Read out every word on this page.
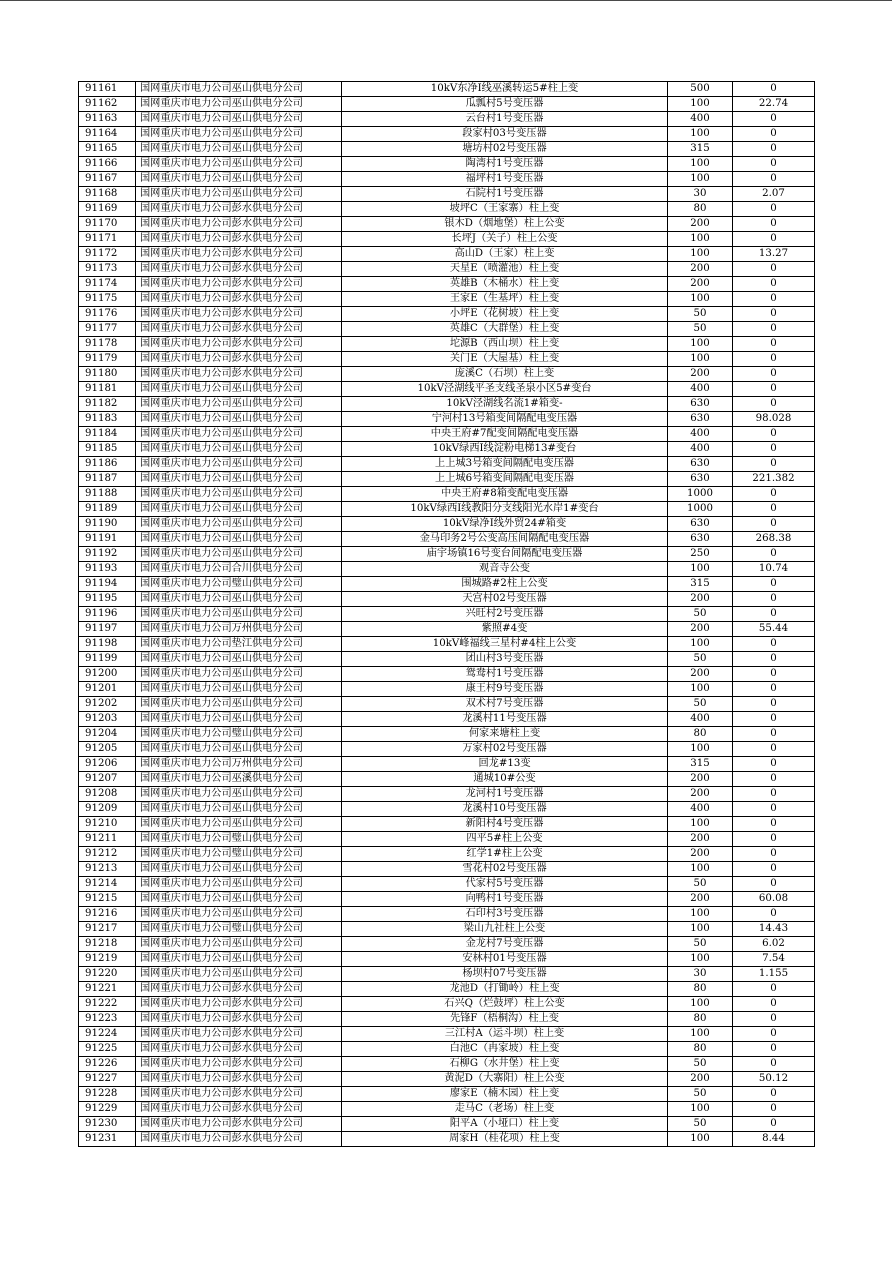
91161	国网重庆市电力公司巫山供电分公司	10kV东净I线巫溪转运5#柱上变	500	0
91162	国网重庆市电力公司巫山供电分公司	瓜瓢村5号变压器	100	22.74
91163	国网重庆市电力公司巫山供电分公司	云台村1号变压器	400	0
91164	国网重庆市电力公司巫山供电分公司	段家村03号变压器	100	0
91165	国网重庆市电力公司巫山供电分公司	塘坊村02号变压器	315	0
91166	国网重庆市电力公司巫山供电分公司	陶湾村1号变压器	100	0
91167	国网重庆市电力公司巫山供电分公司	福坪村1号变压器	100	0
91168	国网重庆市电力公司巫山供电分公司	石院村1号变压器	30	2.07
91169	国网重庆市电力公司彭水供电分公司	坡坪C（王家寨）柱上变	80	0
91170	国网重庆市电力公司彭水供电分公司	银木D（烟地堡）柱上公变	200	0
91171	国网重庆市电力公司彭水供电分公司	长坪J（关子）柱上公变	100	0
91172	国网重庆市电力公司彭水供电分公司	高山D（王家）柱上变	100	13.27
91173	国网重庆市电力公司彭水供电分公司	天星E（喷灌池）柱上变	200	0
91174	国网重庆市电力公司彭水供电分公司	英雄B（木桶水）柱上变	200	0
91175	国网重庆市电力公司彭水供电分公司	王家E（生基坪）柱上变	100	0
91176	国网重庆市电力公司彭水供电分公司	小坪E（花树坡）柱上变	50	0
91177	国网重庆市电力公司彭水供电分公司	英雄C（大群堡）柱上变	50	0
91178	国网重庆市电力公司彭水供电分公司	坨源B（西山坝）柱上变	100	0
91179	国网重庆市电力公司彭水供电分公司	关门E（大屋基）柱上变	100	0
91180	国网重庆市电力公司彭水供电分公司	庞溪C（石坝）柱上变	200	0
91181	国网重庆市电力公司巫山供电分公司	10kV泾湖线平圣支线圣泉小区5#变台	400	0
91182	国网重庆市电力公司巫山供电分公司	10kV泾湖线名流1#箱变-	630	0
91183	国网重庆市电力公司巫山供电分公司	宁河村13号箱变间隔配电变压器	630	98.028
91184	国网重庆市电力公司巫山供电分公司	中央王府#7配变间隔配电变压器	400	0
91185	国网重庆市电力公司巫山供电分公司	10kV绿西I线淀粉电梯13#变台	400	0
91186	国网重庆市电力公司巫山供电分公司	上上城3号箱变间隔配电变压器	630	0
91187	国网重庆市电力公司巫山供电分公司	上上城6号箱变间隔配电变压器	630	221.382
91188	国网重庆市电力公司巫山供电分公司	中央王府#8箱变配电变压器	1000	0
91189	国网重庆市电力公司巫山供电分公司	10kV绿西I线教阳分支线阳光水岸1#变台	1000	0
91190	国网重庆市电力公司巫山供电分公司	10kV绿净I线外贸24#箱变	630	0
91191	国网重庆市电力公司巫山供电分公司	金马印务2号公变高压间隔配电变压器	630	268.38
91192	国网重庆市电力公司巫山供电分公司	庙宇场镇16号变台间隔配电变压器	250	0
91193	国网重庆市电力公司合川供电分公司	观音寺公变	100	10.74
91194	国网重庆市电力公司璧山供电分公司	围城路#2柱上公变	315	0
91195	国网重庆市电力公司巫山供电分公司	天宫村02号变压器	200	0
91196	国网重庆市电力公司巫山供电分公司	兴旺村2号变压器	50	0
91197	国网重庆市电力公司万州供电分公司	紫照#4变	200	55.44
91198	国网重庆市电力公司垫江供电分公司	10kV峰福线三星村#4柱上公变	100	0
91199	国网重庆市电力公司巫山供电分公司	团山村3号变压器	50	0
91200	国网重庆市电力公司巫山供电分公司	鸳鸯村1号变压器	200	0
91201	国网重庆市电力公司巫山供电分公司	康王村9号变压器	100	0
91202	国网重庆市电力公司巫山供电分公司	双术村7号变压器	50	0
91203	国网重庆市电力公司巫山供电分公司	龙溪村11号变压器	400	0
91204	国网重庆市电力公司璧山供电分公司	何家来塘柱上变	80	0
91205	国网重庆市电力公司巫山供电分公司	万家村02号变压器	100	0
91206	国网重庆市电力公司万州供电分公司	回龙#13变	315	0
91207	国网重庆市电力公司巫溪供电分公司	通城10#公变	200	0
91208	国网重庆市电力公司巫山供电分公司	龙河村1号变压器	200	0
91209	国网重庆市电力公司巫山供电分公司	龙溪村10号变压器	400	0
91210	国网重庆市电力公司巫山供电分公司	新阳村4号变压器	100	0
91211	国网重庆市电力公司璧山供电分公司	四平5#柱上公变	200	0
91212	国网重庆市电力公司璧山供电分公司	红学1#柱上公变	200	0
91213	国网重庆市电力公司巫山供电分公司	雪花村02号变压器	100	0
91214	国网重庆市电力公司巫山供电分公司	代家村5号变压器	50	0
91215	国网重庆市电力公司巫山供电分公司	向鸭村1号变压器	200	60.08
91216	国网重庆市电力公司巫山供电分公司	石印村3号变压器	100	0
91217	国网重庆市电力公司璧山供电分公司	梁山九社柱上公变	100	14.43
91218	国网重庆市电力公司巫山供电分公司	金龙村7号变压器	50	6.02
91219	国网重庆市电力公司巫山供电分公司	安林村01号变压器	100	7.54
91220	国网重庆市电力公司巫山供电分公司	杨坝村07号变压器	30	1.155
91221	国网重庆市电力公司彭水供电分公司	龙池D（打锄岭）柱上变	80	0
91222	国网重庆市电力公司彭水供电分公司	石兴Q（烂鼓坪）柱上公变	100	0
91223	国网重庆市电力公司彭水供电分公司	先锋F（梧桐沟）柱上变	80	0
91224	国网重庆市电力公司彭水供电分公司	三江村A（运斗坝）柱上变	100	0
91225	国网重庆市电力公司彭水供电分公司	白池C（冉家坡）柱上变	80	0
91226	国网重庆市电力公司彭水供电分公司	石柳G（水井堡）柱上变	50	0
91227	国网重庆市电力公司彭水供电分公司	黄泥D（大寨阳）柱上公变	200	50.12
91228	国网重庆市电力公司彭水供电分公司	廖家E（楠木园）柱上变	50	0
91229	国网重庆市电力公司彭水供电分公司	走马C（老场）柱上变	100	0
91230	国网重庆市电力公司彭水供电分公司	阳平A（小垭口）柱上变	50	0
91231	国网重庆市电力公司彭水供电分公司	周家H（桂花项）柱上变	100	8.44
